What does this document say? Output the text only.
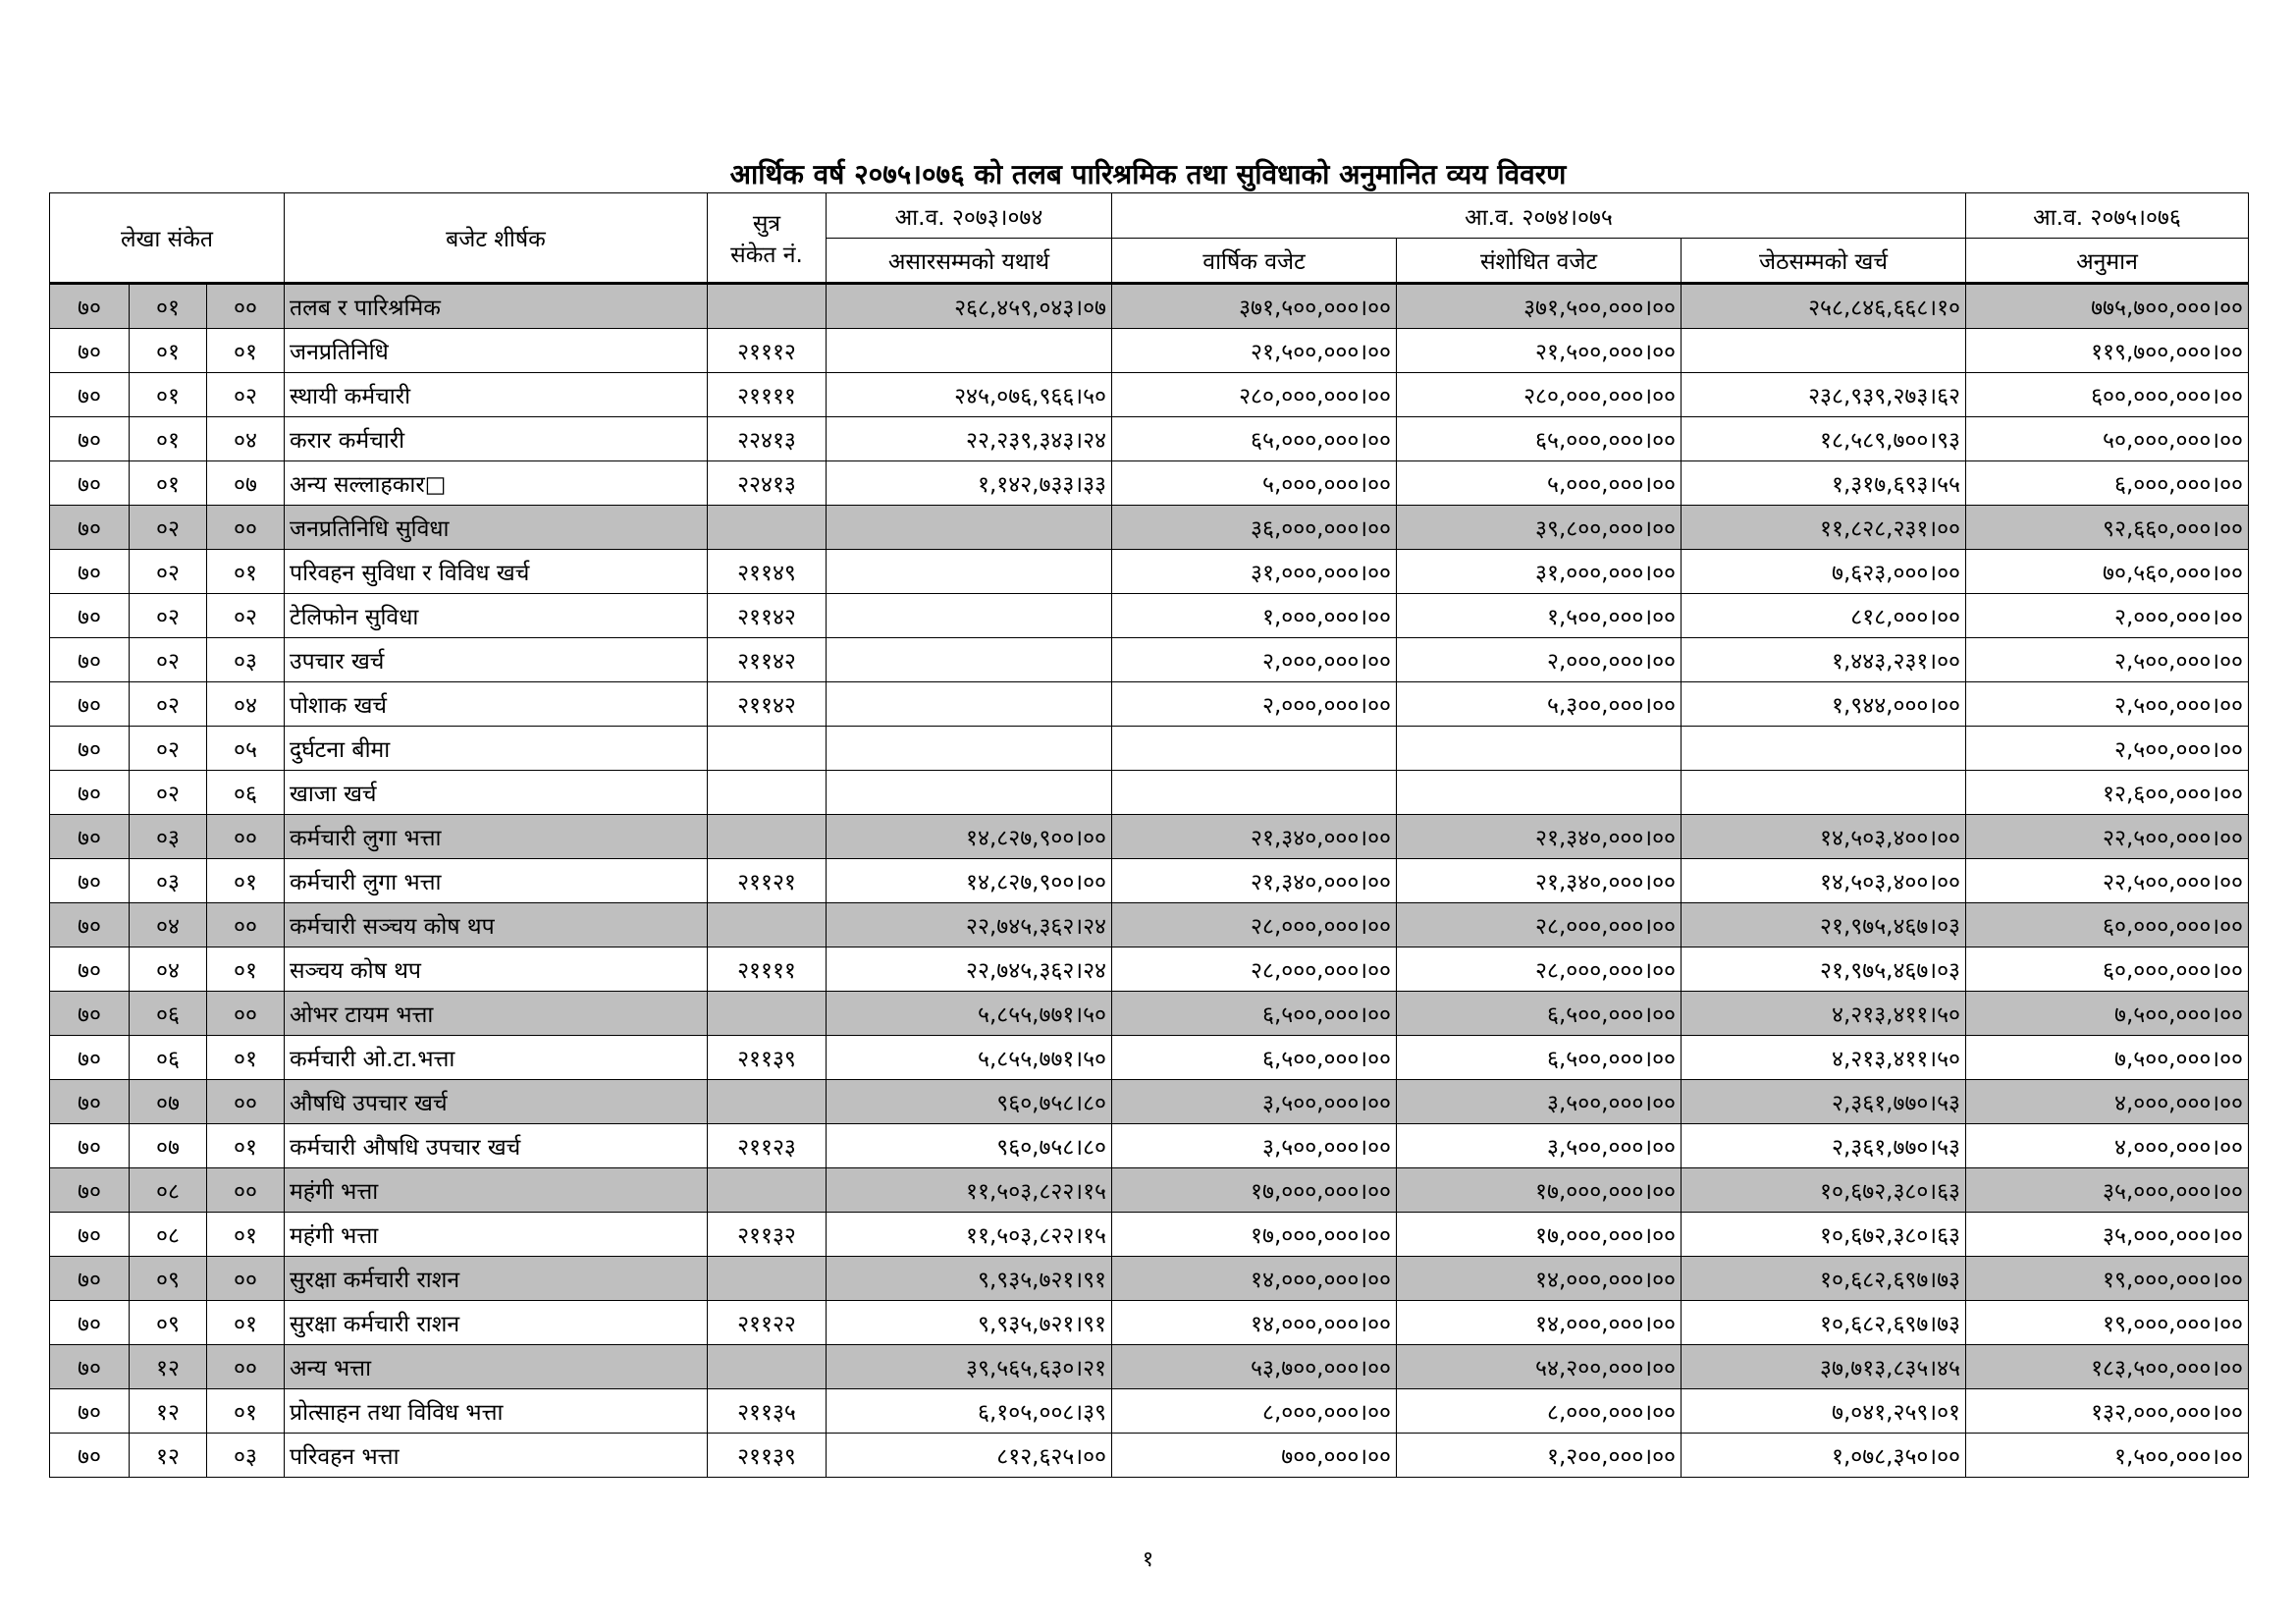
आर्थिक वर्ष २०७५।०७६ को तलब पारिश्रमिक तथा सुविधाको अनुमानित व्यय विवरण
लेखा संकेत			बजेट शीर्षक	सुत्र
संकेत नं.	आ.व. २०७३।०७४	आ.व. २०७४।०७५			आ.व. २०७५।०७६
					असारसम्मको यथार्थ	वार्षिक वजेट	संशोधित वजेट	जेठसम्मको खर्च	अनुमान
७०	०१	००	तलब र पारिश्रमिक		२६८,४५९,०४३।०७	३७१,५००,०००।००	३७१,५००,०००।००	२५८,८४६,६६८।१०	७७५,७००,०००।००
७०	०१	०१	जनप्रतिनिधि	२१११२		२१,५००,०००।००	२१,५००,०००।००		११९,७००,०००।००
७०	०१	०२	स्थायी कर्मचारी	२११११	२४५,०७६,९६६।५०	२८०,०००,०००।००	२८०,०००,०००।००	२३८,९३९,२७३।६२	६००,०००,०००।००
७०	०१	०४	करार कर्मचारी	२२४१३	२२,२३९,३४३।२४	६५,०००,०००।००	६५,०००,०००।००	१८,५८९,७००।९३	५०,०००,०००।००
७०	०१	०७	अन्य सल्लाहकार□	२२४१३	१,१४२,७३३।३३	५,०००,०००।००	५,०००,०००।००	१,३१७,६९३।५५	६,०००,०००।००
७०	०२	००	जनप्रतिनिधि सुविधा			३६,०००,०००।००	३९,८००,०००।००	११,८२८,२३१।००	९२,६६०,०००।००
७०	०२	०१	परिवहन सुविधा र विविध खर्च	२११४९		३१,०००,०००।००	३१,०००,०००।००	७,६२३,०००।००	७०,५६०,०००।००
७०	०२	०२	टेलिफोन सुविधा	२११४२		१,०००,०००।००	१,५००,०००।००	८१८,०००।००	२,०००,०००।००
७०	०२	०३	उपचार खर्च	२११४२		२,०००,०००।००	२,०००,०००।००	१,४४३,२३१।००	२,५००,०००।००
७०	०२	०४	पोशाक खर्च	२११४२		२,०००,०००।००	५,३००,०००।००	१,९४४,०००।००	२,५००,०००।००
७०	०२	०५	दुर्घटना बीमा						२,५००,०००।००
७०	०२	०६	खाजा खर्च						१२,६००,०००।००
७०	०३	००	कर्मचारी लुगा भत्ता		१४,८२७,९००।००	२१,३४०,०००।००	२१,३४०,०००।००	१४,५०३,४००।००	२२,५००,०००।००
७०	०३	०१	कर्मचारी लुगा भत्ता	२११२१	१४,८२७,९००।००	२१,३४०,०००।००	२१,३४०,०००।००	१४,५०३,४००।००	२२,५००,०००।००
७०	०४	००	कर्मचारी सञ्चय कोष थप		२२,७४५,३६२।२४	२८,०००,०००।००	२८,०००,०००।००	२१,९७५,४६७।०३	६०,०००,०००।००
७०	०४	०१	सञ्चय कोष थप	२११११	२२,७४५,३६२।२४	२८,०००,०००।००	२८,०००,०००।००	२१,९७५,४६७।०३	६०,०००,०००।००
७०	०६	००	ओभर टायम भत्ता		५,८५५,७७१।५०	६,५००,०००।००	६,५००,०००।००	४,२१३,४११।५०	७,५००,०००।००
७०	०६	०१	कर्मचारी ओ.टा.भत्ता	२११३९	५,८५५,७७१।५०	६,५००,०००।००	६,५००,०००।००	४,२१३,४११।५०	७,५००,०००।००
७०	०७	००	औषधि उपचार खर्च		९६०,७५८।८०	३,५००,०००।००	३,५००,०००।००	२,३६१,७७०।५३	४,०००,०००।००
७०	०७	०१	कर्मचारी औषधि उपचार खर्च	२११२३	९६०,७५८।८०	३,५००,०००।००	३,५००,०००।००	२,३६१,७७०।५३	४,०००,०००।००
७०	०८	००	महंगी भत्ता		११,५०३,८२२।१५	१७,०००,०००।००	१७,०००,०००।००	१०,६७२,३८०।६३	३५,०००,०००।००
७०	०८	०१	महंगी भत्ता	२११३२	११,५०३,८२२।१५	१७,०००,०००।००	१७,०००,०००।००	१०,६७२,३८०।६३	३५,०००,०००।००
७०	०९	००	सुरक्षा कर्मचारी राशन		९,९३५,७२१।९१	१४,०००,०००।००	१४,०००,०००।००	१०,६८२,६९७।७३	१९,०००,०००।००
७०	०९	०१	सुरक्षा कर्मचारी राशन	२११२२	९,९३५,७२१।९१	१४,०००,०००।००	१४,०००,०००।००	१०,६८२,६९७।७३	१९,०००,०००।००
७०	१२	००	अन्य भत्ता		३९,५६५,६३०।२१	५३,७००,०००।००	५४,२००,०००।००	३७,७१३,८३५।४५	१८३,५००,०००।००
७०	१२	०१	प्रोत्साहन तथा विविध भत्ता	२११३५	६,१०५,००८।३९	८,०००,०००।००	८,०००,०००।००	७,०४१,२५९।०१	१३२,०००,०००।००
७०	१२	०३	परिवहन भत्ता	२११३९	८१२,६२५।००	७००,०००।००	१,२००,०००।००	१,०७८,३५०।००	१,५००,०००।००
१
